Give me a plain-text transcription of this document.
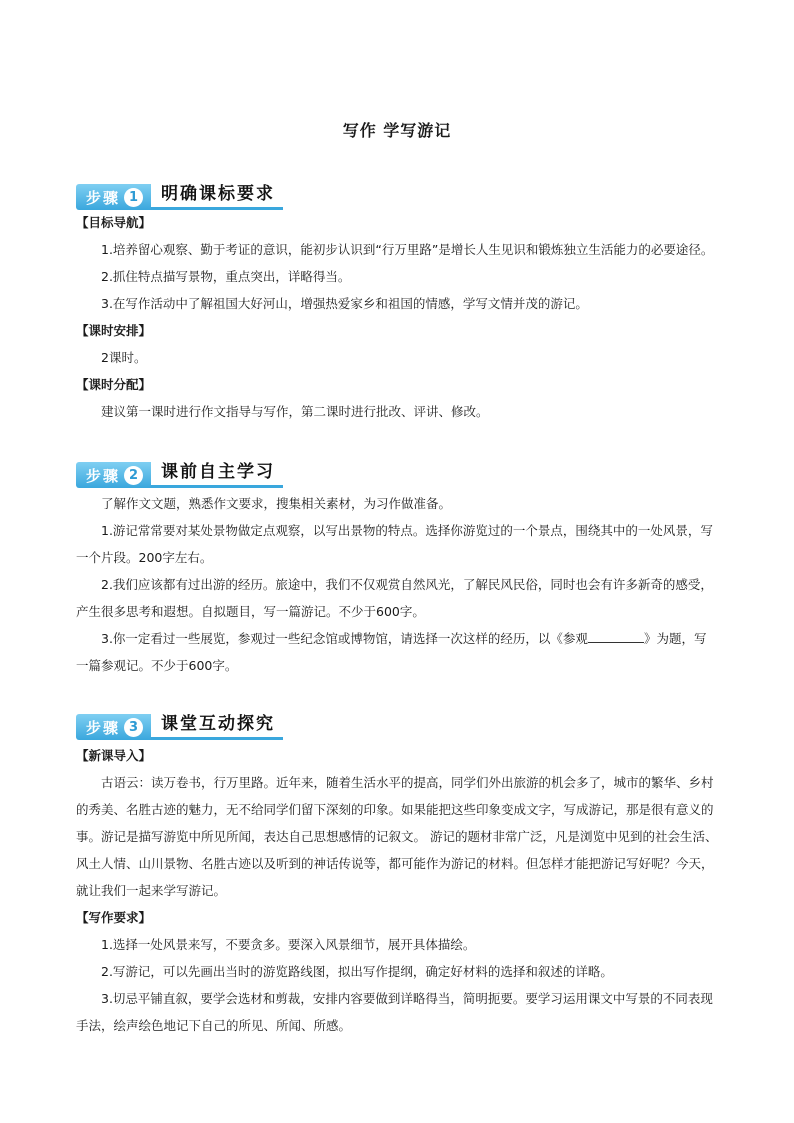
写作 学写游记
步骤 1	明确课标要求

【目标导航】

1.培养留心观察、勤于考证的意识，能初步认识到“行万里路”是增长人生见识和锻炼独立生活能力的必要途径。

2.抓住特点描写景物，重点突出，详略得当。

3.在写作活动中了解祖国大好河山，增强热爱家乡和祖国的情感，学写文情并茂的游记。

【课时安排】

2课时。

【课时分配】

建议第一课时进行作文指导与写作，第二课时进行批改、评讲、修改。

步骤 2	课前自主学习

了解作文文题，熟悉作文要求，搜集相关素材，为习作做准备。

1.游记常常要对某处景物做定点观察，以写出景物的特点。选择你游览过的一个景点，围绕其中的一处风景，写一个片段。200字左右。

2.我们应该都有过出游的经历。旅途中，我们不仅观赏自然风光，了解民风民俗，同时也会有许多新奇的感受，产生很多思考和遐想。自拟题目，写一篇游记。不少于600字。

3.你一定看过一些展览，参观过一些纪念馆或博物馆，请选择一次这样的经历，以《参观	》为题，写一篇参观记。不少于600字。

步骤 3	课堂互动探究

【新课导入】

古语云：读万卷书，行万里路。近年来，随着生活水平的提高，同学们外出旅游的机会多了，城市的繁华、乡村的秀美、名胜古迹的魅力，无不给同学们留下深刻的印象。如果能把这些印象变成文字，写成游记，那是很有意义的事。游记是描写游览中所见所闻，表达自己思想感情的记叙文。 游记的题材非常广泛，凡是浏览中见到的社会生活、风土人情、山川景物、名胜古迹以及听到的神话传说等，都可能作为游记的材料。但怎样才能把游记写好呢？今天，就让我们一起来学写游记。

【写作要求】

1.选择一处风景来写，不要贪多。要深入风景细节，展开具体描绘。

2.写游记，可以先画出当时的游览路线图，拟出写作提纲，确定好材料的选择和叙述的详略。

3.切忌平铺直叙，要学会选材和剪裁，安排内容要做到详略得当，简明扼要。要学习运用课文中写景的不同表现手法，绘声绘色地记下自己的所见、所闻、所感。
